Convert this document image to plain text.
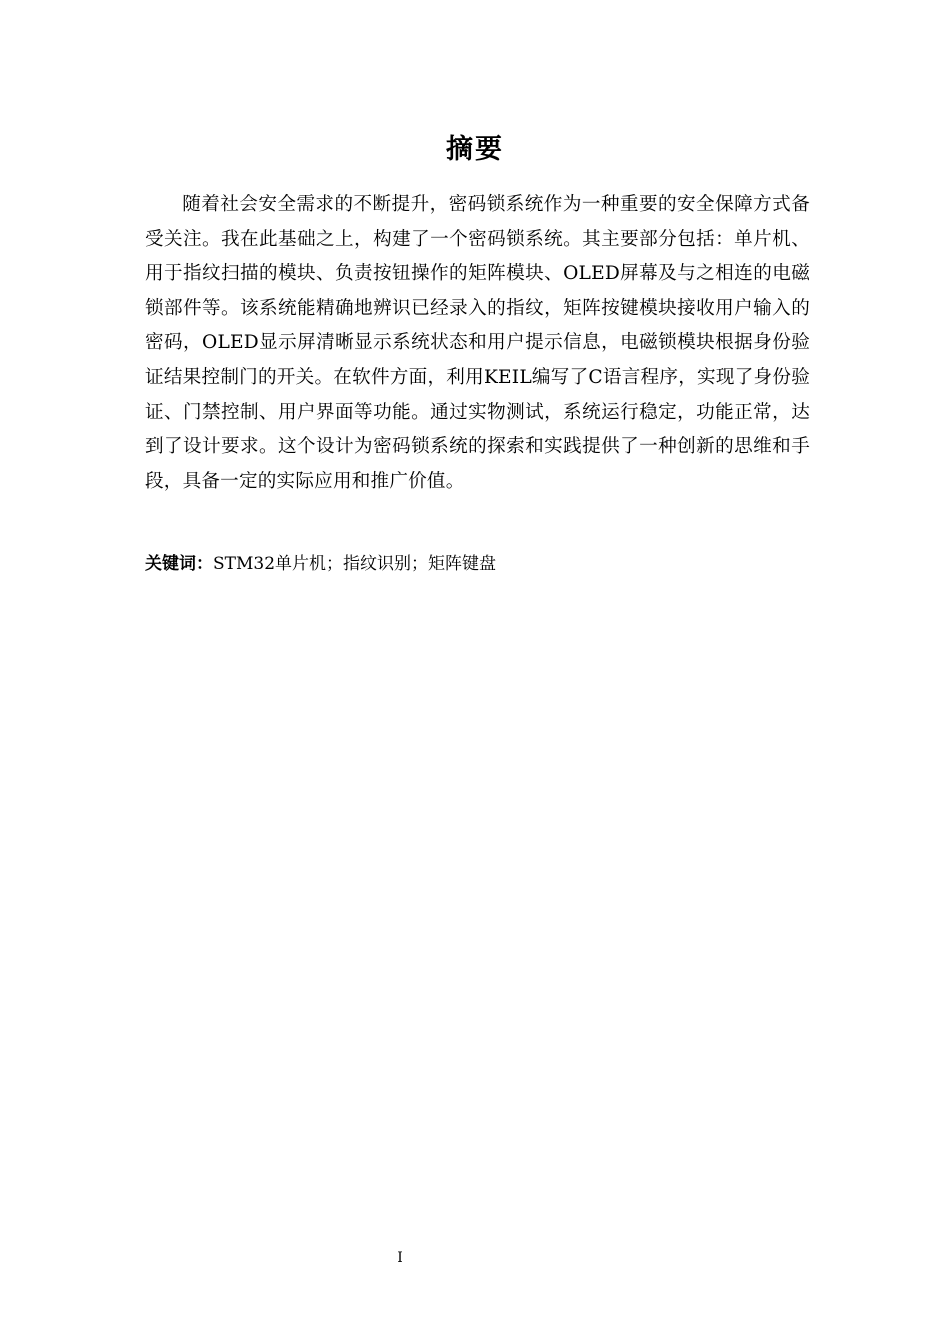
摘要

随着社会安全需求的不断提升，密码锁系统作为一种重要的安全保障方式备受关注。我在此基础之上，构建了一个密码锁系统。其主要部分包括：单片机、用于指纹扫描的模块、负责按钮操作的矩阵模块、OLED屏幕及与之相连的电磁锁部件等。该系统能精确地辨识已经录入的指纹，矩阵按键模块接收用户输入的密码，OLED显示屏清晰显示系统状态和用户提示信息，电磁锁模块根据身份验证结果控制门的开关。在软件方面，利用KEIL编写了C语言程序，实现了身份验证、门禁控制、用户界面等功能。通过实物测试，系统运行稳定，功能正常，达到了设计要求。这个设计为密码锁系统的探索和实践提供了一种创新的思维和手段，具备一定的实际应用和推广价值。

关键词：STM32单片机；指纹识别；矩阵键盘
I
